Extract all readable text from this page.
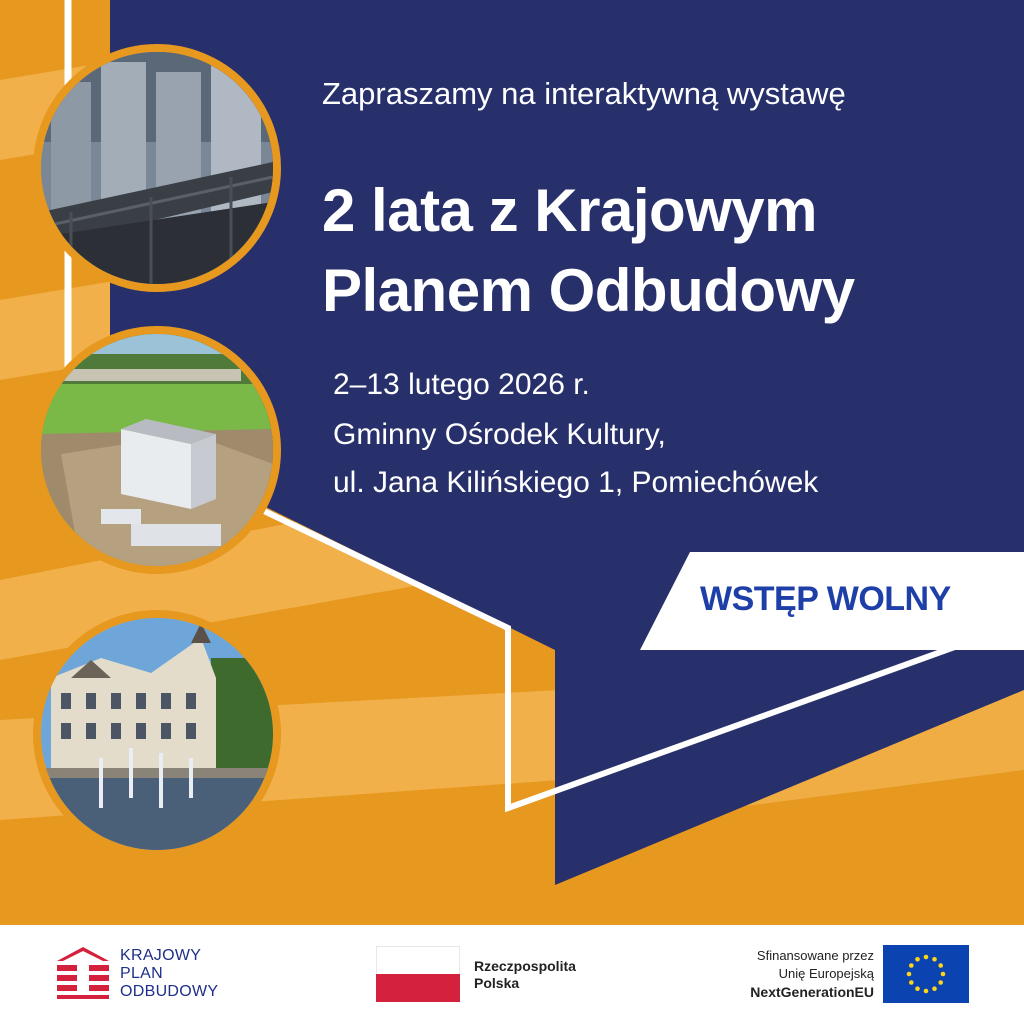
Zapraszamy na interaktywną wystawę
2 lata z Krajowym
Planem Odbudowy
2–13 lutego 2026 r.
Gminny Ośrodek Kultury,
ul. Jana Kilińskiego 1, Pomiechówek
WSTĘP WOLNY
KRAJOWY
PLAN
ODBUDOWY
Rzeczpospolita
Polska
Sfinansowane przez
Unię Europejską
NextGenerationEU
